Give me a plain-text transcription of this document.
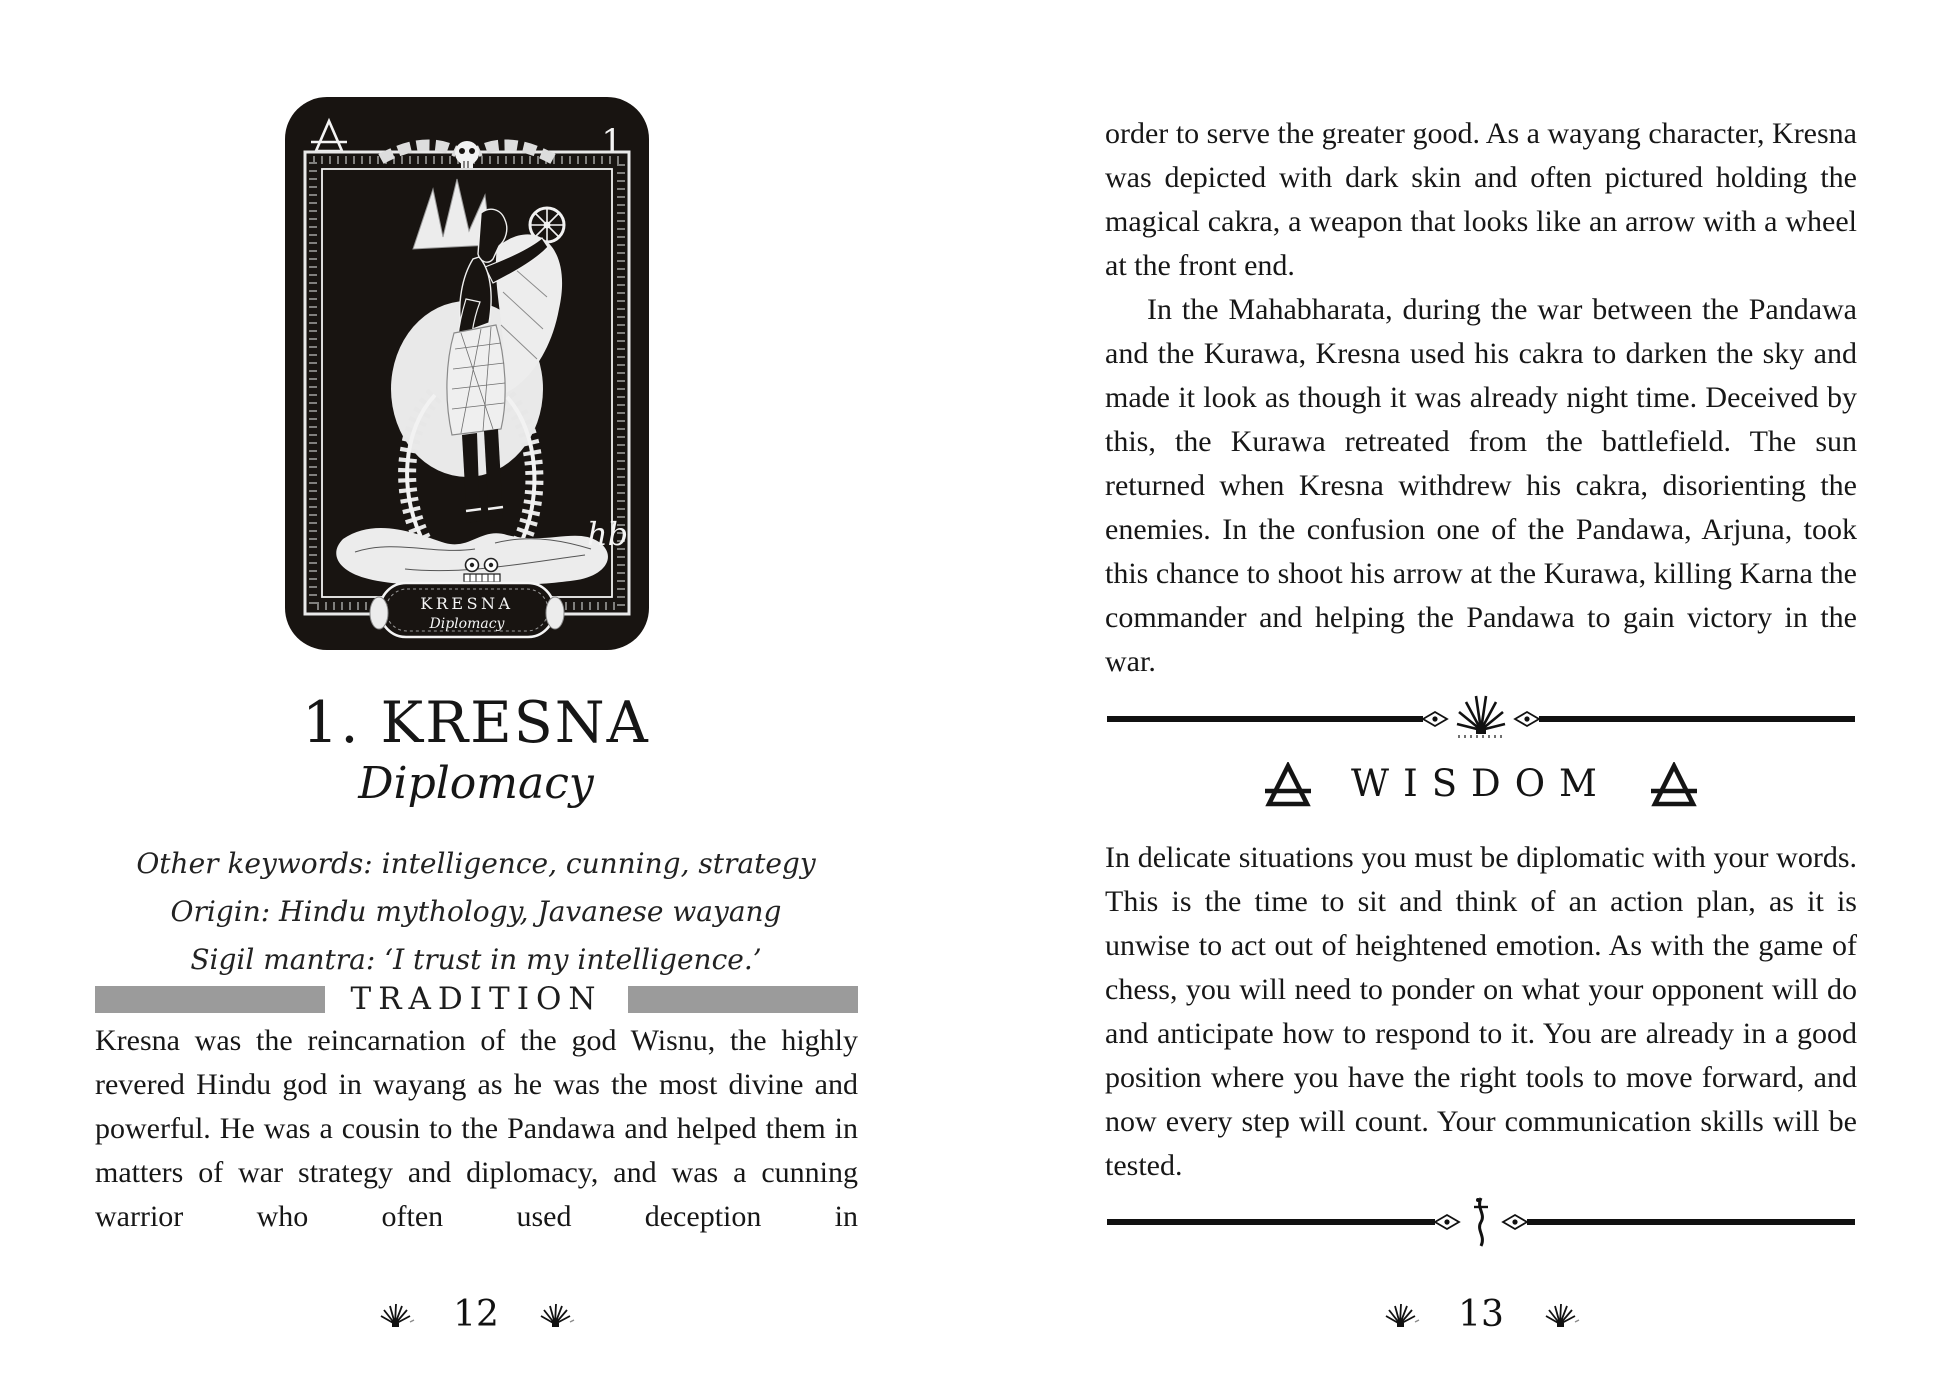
1
hb
KRESNA
Diplomacy
1. KRESNA
Diplomacy
Other keywords: intelligence, cunning, strategy
Origin: Hindu mythology, Javanese wayang
Sigil mantra: ‘I trust in my intelligence.’
TRADITION
Kresna was the reincarnation of the god Wisnu, the highly revered Hindu god in wayang as he was the most divine and powerful. He was a cousin to the Pandawa and helped them in matters of war strategy and diplomacy, and was a cunning warrior who often used deception in
12

order to serve the greater good. As a wayang character, Kresna was depicted with dark skin and often pictured holding the magical cakra, a weapon that looks like an arrow with a wheel at the front end.

In the Mahabharata, during the war between the Pandawa and the Kurawa, Kresna used his cakra to darken the sky and made it look as though it was already night time. Deceived by this, the Kurawa retreated from the battlefield. The sun returned when Kresna withdrew his cakra, disorienting the enemies. In the confusion one of the Pandawa, Arjuna, took this chance to shoot his arrow at the Kurawa, killing Karna the commander and helping the Pandawa to gain victory in the war.

WISDOM
In delicate situations you must be diplomatic with your words. This is the time to sit and think of an action plan, as it is unwise to act out of heightened emotion. As with the game of chess, you will need to ponder on what your opponent will do and anticipate how to respond to it. You are already in a good position where you have the right tools to move forward, and now every step will count. Your communication skills will be tested.
13
